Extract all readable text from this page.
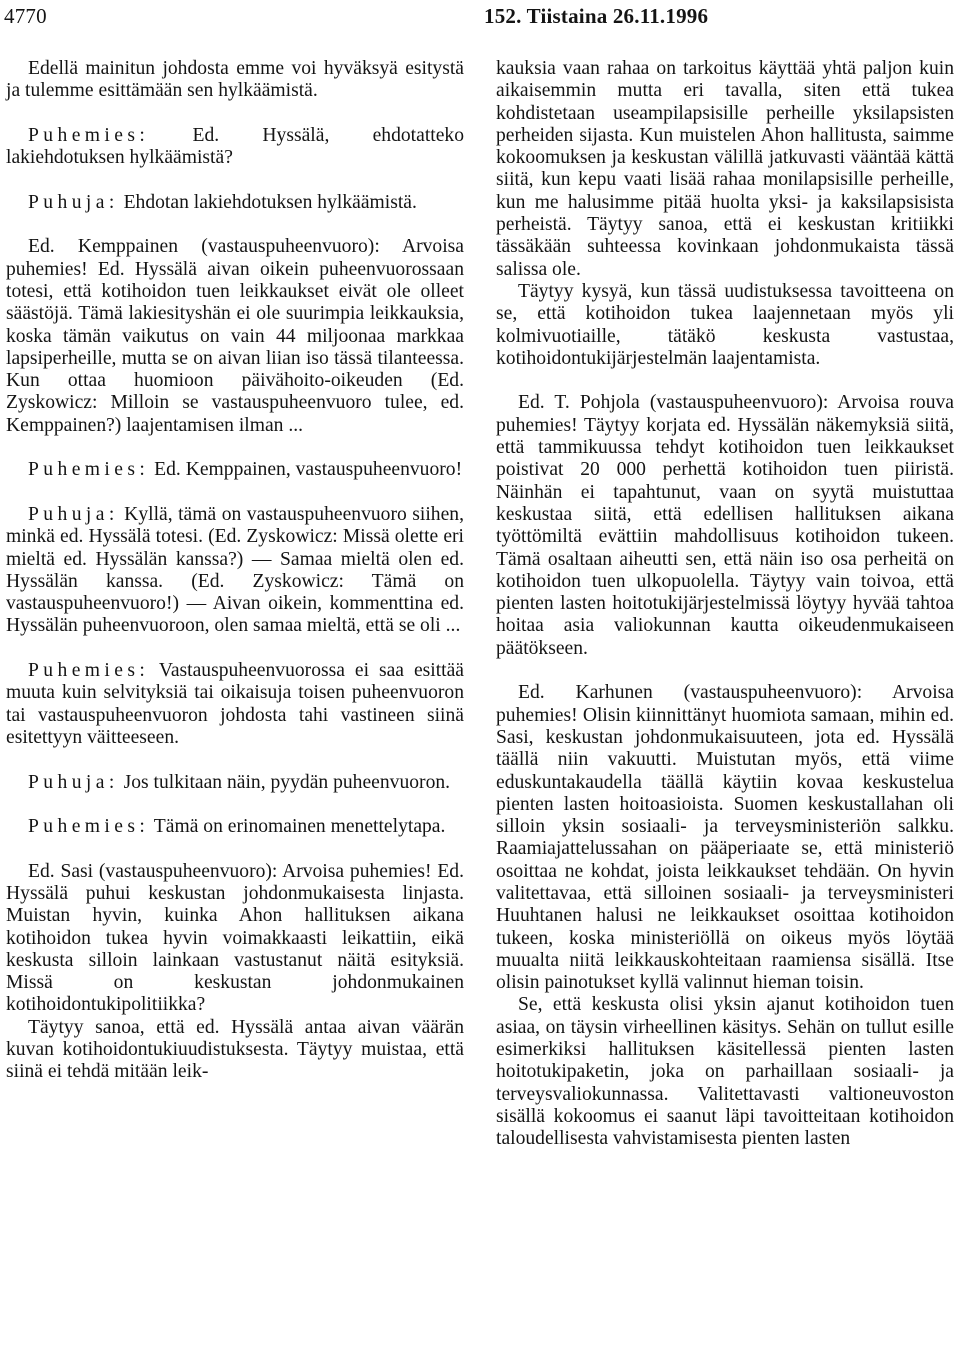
4770	152. Tiistaina 26.11.1996

Edellä mainitun johdosta emme voi hyväksyä esitystä ja tulemme esittämään sen hylkäämistä.

Puhemies: Ed. Hyssälä, ehdotatteko lakiehdotuksen hylkäämistä?

Puhuja: Ehdotan lakiehdotuksen hylkäämistä.

Ed. Kemppainen (vastauspuheenvuoro): Arvoisa puhemies! Ed. Hyssälä aivan oikein puheenvuorossaan totesi, että kotihoidon tuen leikkaukset eivät ole olleet säästöjä. Tämä lakiesityshän ei ole suurimpia leikkauksia, koska tämän vaikutus on vain 44 miljoonaa markkaa lapsiperheille, mutta se on aivan liian iso tässä tilanteessa. Kun ottaa huomioon päivähoito-oikeuden (Ed. Zyskowicz: Milloin se vastauspuheenvuoro tulee, ed. Kemppainen?) laajentamisen ilman ...

Puhemies: Ed. Kemppainen, vastauspuheenvuoro!

Puhuja: Kyllä, tämä on vastauspuheenvuoro siihen, minkä ed. Hyssälä totesi. (Ed. Zyskowicz: Missä olette eri mieltä ed. Hyssälän kanssa?) — Samaa mieltä olen ed. Hyssälän kanssa. (Ed. Zyskowicz: Tämä on vastauspuheenvuoro!) — Aivan oikein, kommenttina ed. Hyssälän puheenvuoroon, olen samaa mieltä, että se oli ...

Puhemies: Vastauspuheenvuorossa ei saa esittää muuta kuin selvityksiä tai oikaisuja toisen puheenvuoron tai vastauspuheenvuoron johdosta tahi vastineen siinä esitettyyn väitteeseen.

Puhuja: Jos tulkitaan näin, pyydän puheenvuoron.

Puhemies: Tämä on erinomainen menettelytapa.

Ed. Sasi (vastauspuheenvuoro): Arvoisa puhemies! Ed. Hyssälä puhui keskustan johdonmukaisesta linjasta. Muistan hyvin, kuinka Ahon hallituksen aikana kotihoidon tukea hyvin voimakkaasti leikattiin, eikä keskusta silloin lainkaan vastustanut näitä esityksiä. Missä on keskustan johdonmukainen kotihoidontukipolitiikka?

Täytyy sanoa, että ed. Hyssälä antaa aivan väärän kuvan kotihoidontukiuudistuksesta. Täytyy muistaa, että siinä ei tehdä mitään leik-

kauksia vaan rahaa on tarkoitus käyttää yhtä paljon kuin aikaisemmin mutta eri tavalla, siten että tukea kohdistetaan useampilapsisille perheille yksilapsisten perheiden sijasta. Kun muistelen Ahon hallitusta, saimme kokoomuksen ja keskustan välillä jatkuvasti vääntää kättä siitä, kun kepu vaati lisää rahaa monilapsisille perheille, kun me halusimme pitää huolta yksi- ja kaksilapsisista perheistä. Täytyy sanoa, että ei keskustan kritiikki tässäkään suhteessa kovinkaan johdonmukaista tässä salissa ole.

Täytyy kysyä, kun tässä uudistuksessa tavoitteena on se, että kotihoidon tukea laajennetaan myös yli kolmivuotiaille, tätäkö keskusta vastustaa, kotihoidontukijärjestelmän laajentamista.

Ed. T. Pohjola (vastauspuheenvuoro): Arvoisa rouva puhemies! Täytyy korjata ed. Hyssälän näkemyksiä siitä, että tammikuussa tehdyt kotihoidon tuen leikkaukset poistivat 20 000 perhettä kotihoidon tuen piiristä. Näinhän ei tapahtunut, vaan on syytä muistuttaa keskustaa siitä, että edellisen hallituksen aikana työttömiltä evättiin mahdollisuus kotihoidon tukeen. Tämä osaltaan aiheutti sen, että näin iso osa perheitä on kotihoidon tuen ulkopuolella. Täytyy vain toivoa, että pienten lasten hoitotukijärjestelmissä löytyy hyvää tahtoa hoitaa asia valiokunnan kautta oikeudenmukaiseen päätökseen.

Ed. Karhunen (vastauspuheenvuoro): Arvoisa puhemies! Olisin kiinnittänyt huomiota samaan, mihin ed. Sasi, keskustan johdonmukaisuuteen, jota ed. Hyssälä täällä niin vakuutti. Muistutan myös, että viime eduskuntakaudella täällä käytiin kovaa keskustelua pienten lasten hoitoasioista. Suomen keskustallahan oli silloin yksin sosiaali- ja terveysministeriön salkku. Raamiajattelussahan on pääperiaate se, että ministeriö osoittaa ne kohdat, joista leikkaukset tehdään. On hyvin valitettavaa, että silloinen sosiaali- ja terveysministeri Huuhtanen halusi ne leikkaukset osoittaa kotihoidon tukeen, koska ministeriöllä on oikeus myös löytää muualta niitä leikkauskohteitaan raamiensa sisällä. Itse olisin painotukset kyllä valinnut hieman toisin.

Se, että keskusta olisi yksin ajanut kotihoidon tuen asiaa, on täysin virheellinen käsitys. Sehän on tullut esille esimerkiksi hallituksen käsitellessä pienten lasten hoitotukipaketin, joka on parhaillaan sosiaali- ja terveysvaliokunnassa. Valitettavasti valtioneuvoston sisällä kokoomus ei saanut läpi tavoitteitaan kotihoidon taloudellisesta vahvistamisesta pienten lasten
